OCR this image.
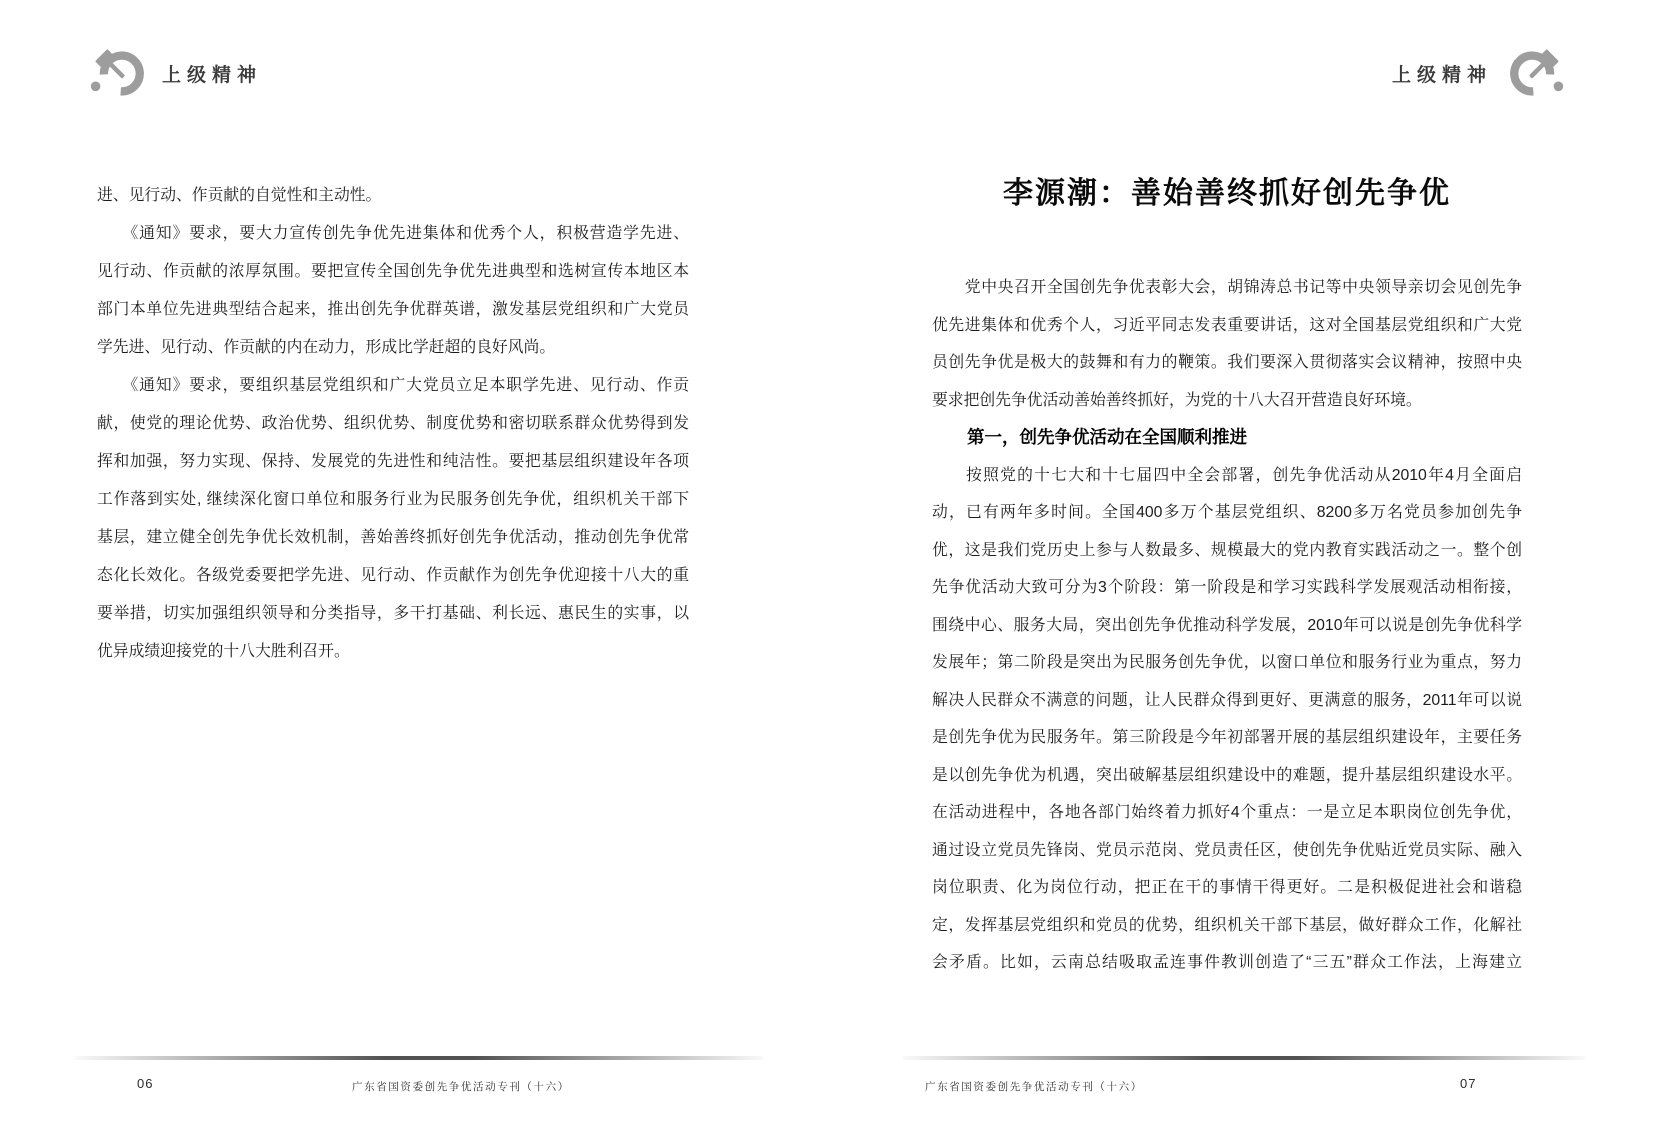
上级精神	上级精神
进、见行动、作贡献的自觉性和主动性。
　　《通知》要求，要大力宣传创先争优先进集体和优秀个人，积极营造学先进、
见行动、作贡献的浓厚氛围。要把宣传全国创先争优先进典型和选树宣传本地区本
部门本单位先进典型结合起来，推出创先争优群英谱，激发基层党组织和广大党员
学先进、见行动、作贡献的内在动力，形成比学赶超的良好风尚。
　　《通知》要求，要组织基层党组织和广大党员立足本职学先进、见行动、作贡
献，使党的理论优势、政治优势、组织优势、制度优势和密切联系群众优势得到发
挥和加强，努力实现、保持、发展党的先进性和纯洁性。要把基层组织建设年各项
工作落到实处, 继续深化窗口单位和服务行业为民服务创先争优，组织机关干部下
基层，建立健全创先争优长效机制，善始善终抓好创先争优活动，推动创先争优常
态化长效化。各级党委要把学先进、见行动、作贡献作为创先争优迎接十八大的重
要举措，切实加强组织领导和分类指导，多干打基础、利长远、惠民生的实事，以
优异成绩迎接党的十八大胜利召开。
李源潮：善始善终抓好创先争优
　　党中央召开全国创先争优表彰大会，胡锦涛总书记等中央领导亲切会见创先争
优先进集体和优秀个人，习近平同志发表重要讲话，这对全国基层党组织和广大党
员创先争优是极大的鼓舞和有力的鞭策。我们要深入贯彻落实会议精神，按照中央
要求把创先争优活动善始善终抓好，为党的十八大召开营造良好环境。
　　第一，创先争优活动在全国顺利推进
　　按照党的十七大和十七届四中全会部署，创先争优活动从2010年4月全面启
动，已有两年多时间。全国400多万个基层党组织、8200多万名党员参加创先争
优，这是我们党历史上参与人数最多、规模最大的党内教育实践活动之一。整个创
先争优活动大致可分为3个阶段：第一阶段是和学习实践科学发展观活动相衔接，
围绕中心、服务大局，突出创先争优推动科学发展，2010年可以说是创先争优科学
发展年；第二阶段是突出为民服务创先争优，以窗口单位和服务行业为重点，努力
解决人民群众不满意的问题，让人民群众得到更好、更满意的服务，2011年可以说
是创先争优为民服务年。第三阶段是今年初部署开展的基层组织建设年，主要任务
是以创先争优为机遇，突出破解基层组织建设中的难题，提升基层组织建设水平。
在活动进程中，各地各部门始终着力抓好4个重点：一是立足本职岗位创先争优，
通过设立党员先锋岗、党员示范岗、党员责任区，使创先争优贴近党员实际、融入
岗位职责、化为岗位行动，把正在干的事情干得更好。二是积极促进社会和谐稳
定，发挥基层党组织和党员的优势，组织机关干部下基层，做好群众工作，化解社
会矛盾。比如，云南总结吸取孟连事件教训创造了“三五”群众工作法，上海建立
06	广东省国资委创先争优活动专刊（十六）	广东省国资委创先争优活动专刊（十六）	07
